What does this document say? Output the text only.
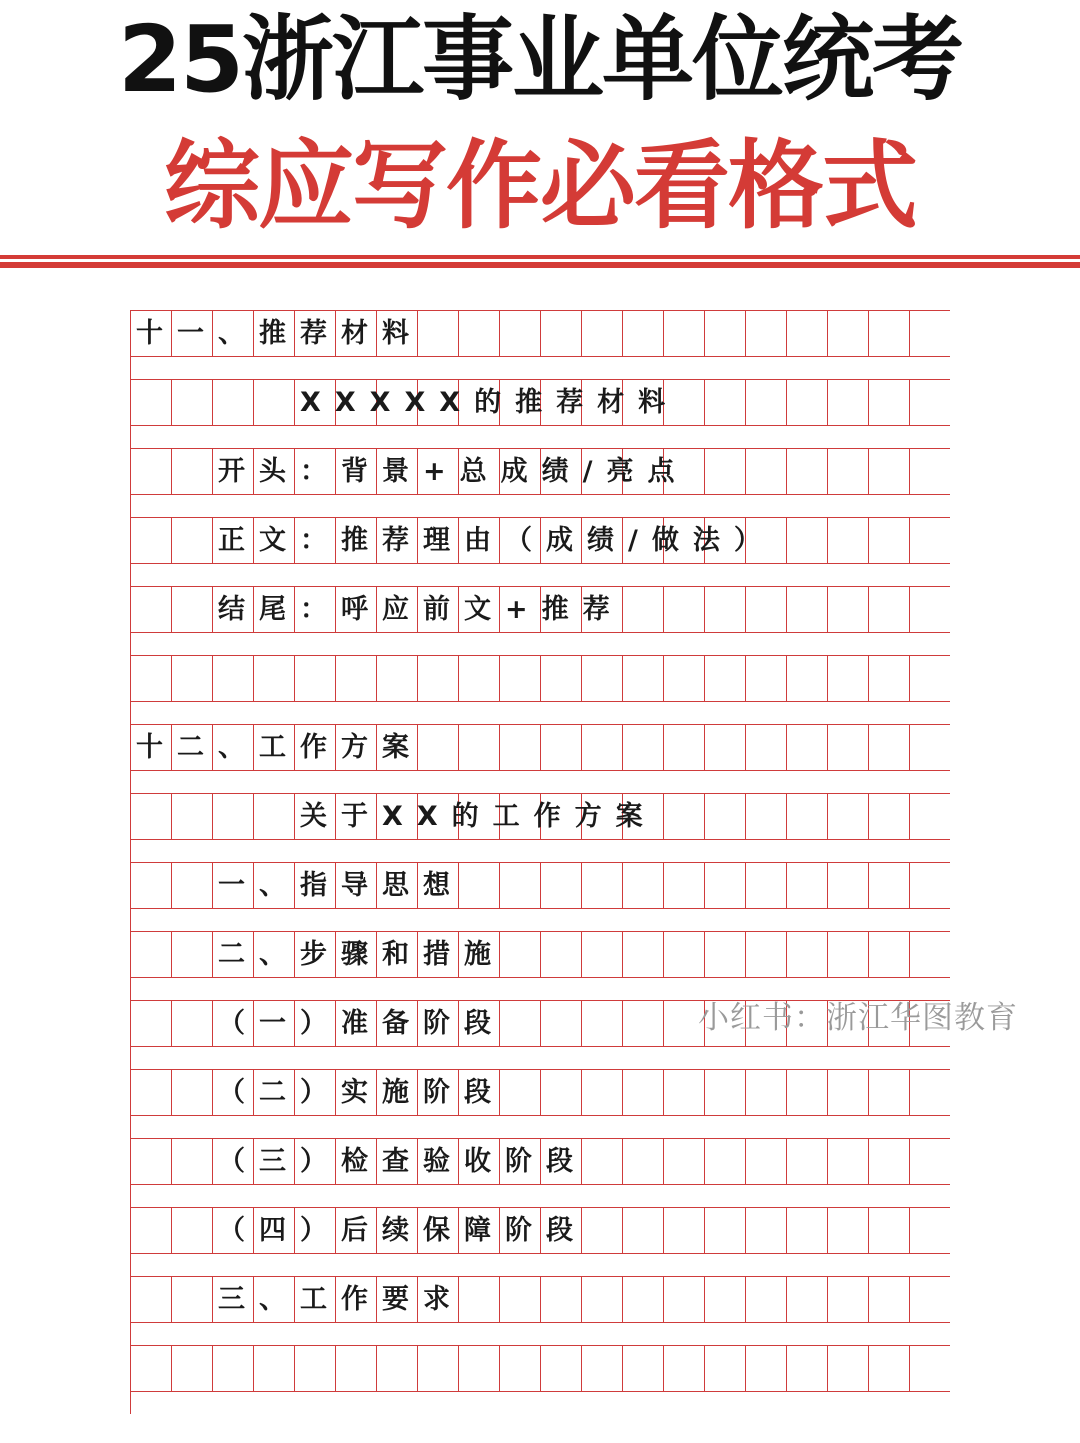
25浙江事业单位统考
综应写作必看格式
十一、推荐材料
XXXXX的推荐材料
开头：背景+总成绩/亮点
正文：推荐理由（成绩/做法）
结尾：呼应前文+推荐
十二、工作方案
关于XX的工作方案
一、指导思想
二、步骤和措施
（一）准备阶段
（二）实施阶段
（三）检查验收阶段
（四）后续保障阶段
三、工作要求
小红书：浙江华图教育
